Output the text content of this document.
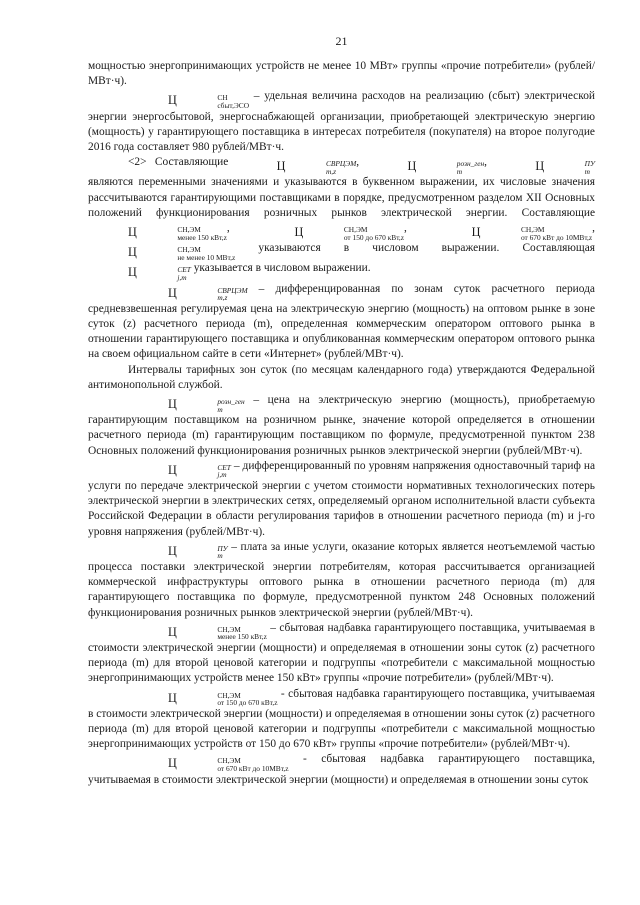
21

мощностью энергопринимающих устройств не менее 10 МВт» группы «прочие потребители» (рублей/МВт·ч).

Ц	СН
сбыт,ЭСО
– удельная величина расходов на реализацию (сбыт) электрической энергии энергосбытовой, энергоснабжающей организации, приобретающей электрическую энергию (мощность) у гарантирующего поставщика в интересах потребителя (покупателя) на второе полугодие 2016 года составляет 980 рублей/МВт·ч.

<2> Составляющие	Ц	СВРЦЭМ
m,z
,	Ц	розн_ген
m
,	Ц	ПУ
m
являются переменными значениями и указываются в буквенном выражении, их числовые значения рассчитываются гарантирующими поставщиками в порядке, предусмотренном разделом XII Основных положений функционирования розничных рынков электрической энергии. Составляющие Ц	СН,ЭМ
менее 150 кВт,z
,	Ц	СН,ЭМ
от 150 до 670 кВт,z
,	Ц	СН,ЭМ
от 670 кВт до 10МВт,z
, Ц	СН,ЭМ
не менее 10 МВт,z
указываются в числовом выражении. Составляющая Ц	СЕТ
j,m
указывается в числовом выражении.

Ц	СВРЦЭМ
m,z
– дифференцированная по зонам суток расчетного периода средневзвешенная регулируемая цена на электрическую энергию (мощность) на оптовом рынке в зоне суток (z) расчетного периода (m), определенная коммерческим оператором оптового рынка в отношении гарантирующего поставщика и опубликованная коммерческим оператором оптового рынка на своем официальном сайте в сети «Интернет» (рублей/МВт·ч).

Интервалы тарифных зон суток (по месяцам календарного года) утверждаются Федеральной антимонопольной службой.

Ц	розн_ген
m
– цена на электрическую энергию (мощность), приобретаемую гарантирующим поставщиком на розничном рынке, значение которой определяется в отношении расчетного периода (m) гарантирующим поставщиком по формуле, предусмотренной пунктом 238 Основных положений функционирования розничных рынков электрической энергии (рублей/МВт·ч).

Ц	СЕТ
j,m
– дифференцированный по уровням напряжения одноставочный тариф на услуги по передаче электрической энергии с учетом стоимости нормативных технологических потерь электрической энергии в электрических сетях, определяемый органом исполнительной власти субъекта Российской Федерации в области регулирования тарифов в отношении расчетного периода (m) и j-го уровня напряжения (рублей/МВт·ч).

Ц	ПУ
m
– плата за иные услуги, оказание которых является неотъемлемой частью процесса поставки электрической энергии потребителям, которая рассчитывается организацией коммерческой инфраструктуры оптового рынка в отношении расчетного периода (m) для гарантирующего поставщика по формуле, предусмотренной пунктом 248 Основных положений функционирования розничных рынков электрической энергии (рублей/МВт·ч).

Ц	СН,ЭМ
менее 150 кВт,z
– сбытовая надбавка гарантирующего поставщика, учитываемая в стоимости электрической энергии (мощности) и определяемая в отношении зоны суток (z) расчетного периода (m) для второй ценовой категории и подгруппы «потребители с максимальной мощностью энергопринимающих устройств менее 150 кВт» группы «прочие потребители» (рублей/МВт·ч).

Ц	СН,ЭМ
от 150 до 670 кВт,z
- сбытовая надбавка гарантирующего поставщика, учитываемая в стоимости электрической энергии (мощности) и определяемая в отношении зоны суток (z) расчетного периода (m) для второй ценовой категории и подгруппы «потребители с максимальной мощностью энергопринимающих устройств от 150 до 670 кВт» группы «прочие потребители» (рублей/МВт·ч).

Ц	СН,ЭМ
от 670 кВт до 10МВт,z
- сбытовая надбавка гарантирующего поставщика, учитываемая в стоимости электрической энергии (мощности) и определяемая в отношении зоны суток
